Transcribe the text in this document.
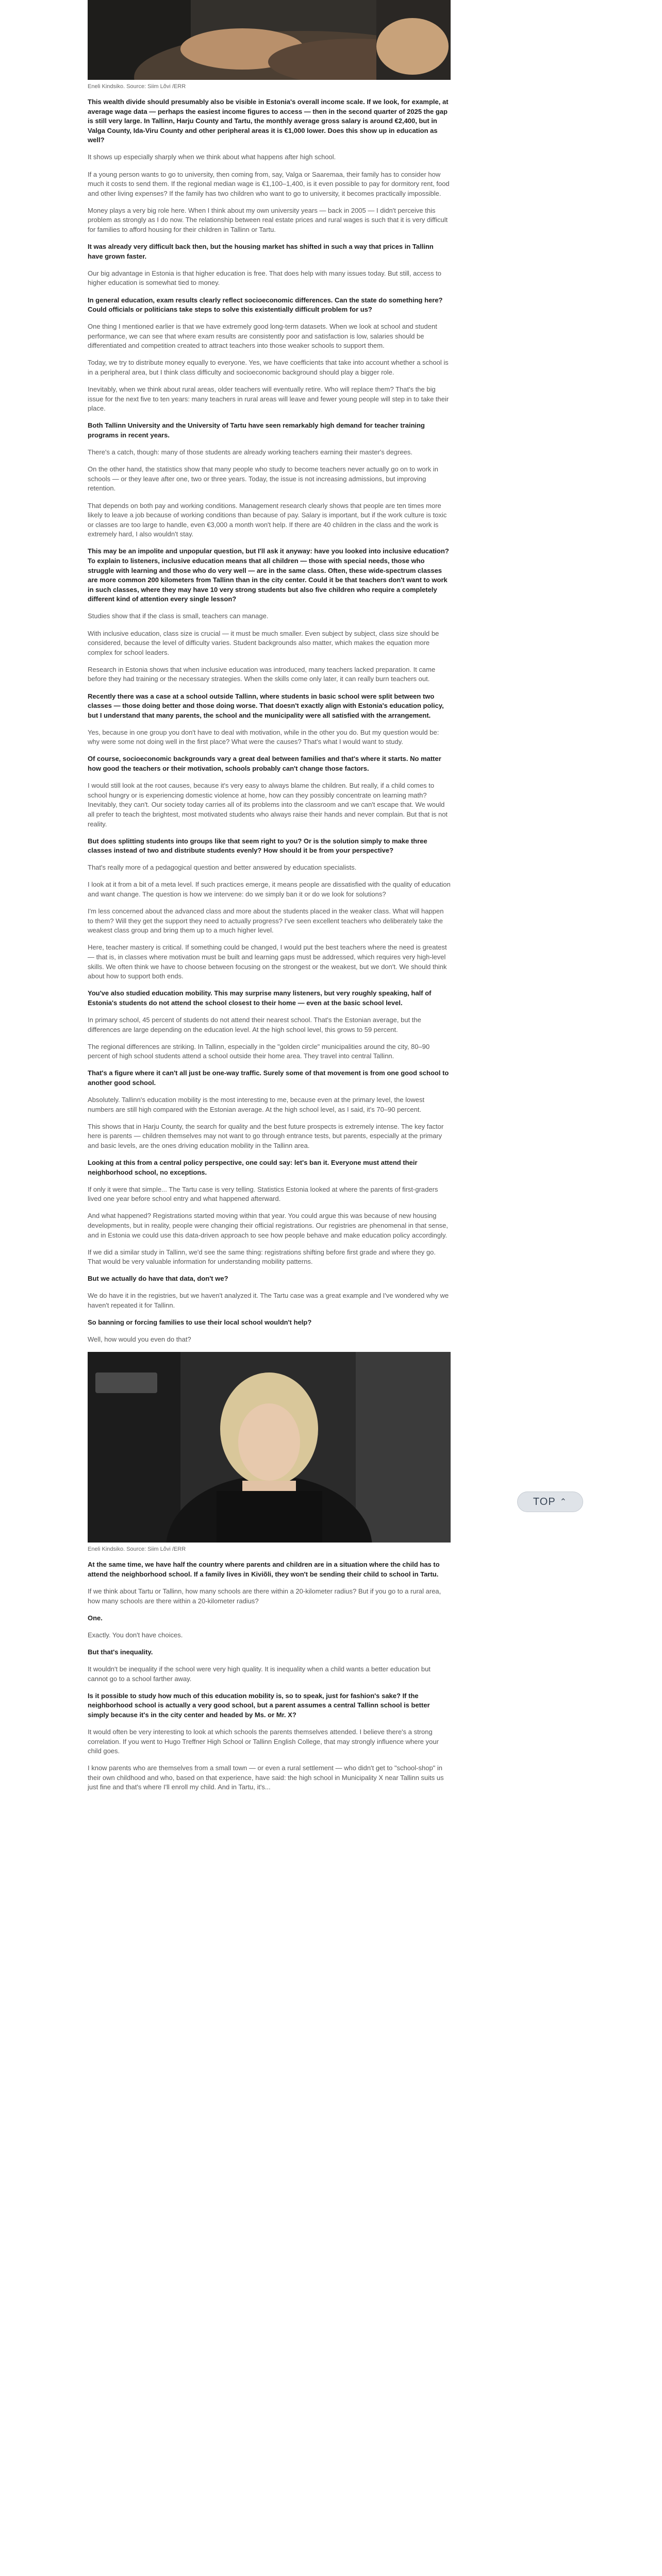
Eneli Kindsiko. Source: Siim Lõvi /ERR

This wealth divide should presumably also be visible in Estonia's overall income scale. If we look, for example, at average wage data — perhaps the easiest income figures to access — then in the second quarter of 2025 the gap is still very large. In Tallinn, Harju County and Tartu, the monthly average gross salary is around €2,400, but in Valga County, Ida-Viru County and other peripheral areas it is €1,000 lower. Does this show up in education as well?

It shows up especially sharply when we think about what happens after high school.

If a young person wants to go to university, then coming from, say, Valga or Saaremaa, their family has to consider how much it costs to send them. If the regional median wage is €1,100–1,400, is it even possible to pay for dormitory rent, food and other living expenses? If the family has two children who want to go to university, it becomes practically impossible.

Money plays a very big role here. When I think about my own university years — back in 2005 — I didn't perceive this problem as strongly as I do now. The relationship between real estate prices and rural wages is such that it is very difficult for families to afford housing for their children in Tallinn or Tartu.

It was already very difficult back then, but the housing market has shifted in such a way that prices in Tallinn have grown faster.

Our big advantage in Estonia is that higher education is free. That does help with many issues today. But still, access to higher education is somewhat tied to money.

In general education, exam results clearly reflect socioeconomic differences. Can the state do something here? Could officials or politicians take steps to solve this existentially difficult problem for us?

One thing I mentioned earlier is that we have extremely good long-term datasets. When we look at school and student performance, we can see that where exam results are consistently poor and satisfaction is low, salaries should be differentiated and competition created to attract teachers into those weaker schools to support them.

Today, we try to distribute money equally to everyone. Yes, we have coefficients that take into account whether a school is in a peripheral area, but I think class difficulty and socioeconomic background should play a bigger role.

Inevitably, when we think about rural areas, older teachers will eventually retire. Who will replace them? That's the big issue for the next five to ten years: many teachers in rural areas will leave and fewer young people will step in to take their place.

Both Tallinn University and the University of Tartu have seen remarkably high demand for teacher training programs in recent years.

There's a catch, though: many of those students are already working teachers earning their master's degrees.

On the other hand, the statistics show that many people who study to become teachers never actually go on to work in schools — or they leave after one, two or three years. Today, the issue is not increasing admissions, but improving retention.

That depends on both pay and working conditions. Management research clearly shows that people are ten times more likely to leave a job because of working conditions than because of pay. Salary is important, but if the work culture is toxic or classes are too large to handle, even €3,000 a month won't help. If there are 40 children in the class and the work is extremely hard, I also wouldn't stay.

This may be an impolite and unpopular question, but I'll ask it anyway: have you looked into inclusive education? To explain to listeners, inclusive education means that all children — those with special needs, those who struggle with learning and those who do very well — are in the same class. Often, these wide-spectrum classes are more common 200 kilometers from Tallinn than in the city center. Could it be that teachers don't want to work in such classes, where they may have 10 very strong students but also five children who require a completely different kind of attention every single lesson?

Studies show that if the class is small, teachers can manage.

With inclusive education, class size is crucial — it must be much smaller. Even subject by subject, class size should be considered, because the level of difficulty varies. Student backgrounds also matter, which makes the equation more complex for school leaders.

Research in Estonia shows that when inclusive education was introduced, many teachers lacked preparation. It came before they had training or the necessary strategies. When the skills come only later, it can really burn teachers out.

Recently there was a case at a school outside Tallinn, where students in basic school were split between two classes — those doing better and those doing worse. That doesn't exactly align with Estonia's education policy, but I understand that many parents, the school and the municipality were all satisfied with the arrangement.

Yes, because in one group you don't have to deal with motivation, while in the other you do. But my question would be: why were some not doing well in the first place? What were the causes? That's what I would want to study.

Of course, socioeconomic backgrounds vary a great deal between families and that's where it starts. No matter how good the teachers or their motivation, schools probably can't change those factors.

I would still look at the root causes, because it's very easy to always blame the children. But really, if a child comes to school hungry or is experiencing domestic violence at home, how can they possibly concentrate on learning math? Inevitably, they can't. Our society today carries all of its problems into the classroom and we can't escape that. We would all prefer to teach the brightest, most motivated students who always raise their hands and never complain. But that is not reality.

But does splitting students into groups like that seem right to you? Or is the solution simply to make three classes instead of two and distribute students evenly? How should it be from your perspective?

That's really more of a pedagogical question and better answered by education specialists.

I look at it from a bit of a meta level. If such practices emerge, it means people are dissatisfied with the quality of education and want change. The question is how we intervene: do we simply ban it or do we look for solutions?

I'm less concerned about the advanced class and more about the students placed in the weaker class. What will happen to them? Will they get the support they need to actually progress? I've seen excellent teachers who deliberately take the weakest class group and bring them up to a much higher level.

Here, teacher mastery is critical. If something could be changed, I would put the best teachers where the need is greatest — that is, in classes where motivation must be built and learning gaps must be addressed, which requires very high-level skills. We often think we have to choose between focusing on the strongest or the weakest, but we don't. We should think about how to support both ends.

You've also studied education mobility. This may surprise many listeners, but very roughly speaking, half of Estonia's students do not attend the school closest to their home — even at the basic school level.

In primary school, 45 percent of students do not attend their nearest school. That's the Estonian average, but the differences are large depending on the education level. At the high school level, this grows to 59 percent.

The regional differences are striking. In Tallinn, especially in the "golden circle" municipalities around the city, 80–90 percent of high school students attend a school outside their home area. They travel into central Tallinn.

That's a figure where it can't all just be one-way traffic. Surely some of that movement is from one good school to another good school.

Absolutely. Tallinn's education mobility is the most interesting to me, because even at the primary level, the lowest numbers are still high compared with the Estonian average. At the high school level, as I said, it's 70–90 percent.

This shows that in Harju County, the search for quality and the best future prospects is extremely intense. The key factor here is parents — children themselves may not want to go through entrance tests, but parents, especially at the primary and basic levels, are the ones driving education mobility in the Tallinn area.

Looking at this from a central policy perspective, one could say: let's ban it. Everyone must attend their neighborhood school, no exceptions.

If only it were that simple... The Tartu case is very telling. Statistics Estonia looked at where the parents of first-graders lived one year before school entry and what happened afterward.

And what happened? Registrations started moving within that year. You could argue this was because of new housing developments, but in reality, people were changing their official registrations. Our registries are phenomenal in that sense, and in Estonia we could use this data-driven approach to see how people behave and make education policy accordingly.

If we did a similar study in Tallinn, we'd see the same thing: registrations shifting before first grade and where they go. That would be very valuable information for understanding mobility patterns.

But we actually do have that data, don't we?

We do have it in the registries, but we haven't analyzed it. The Tartu case was a great example and I've wondered why we haven't repeated it for Tallinn.

So banning or forcing families to use their local school wouldn't help?

Well, how would you even do that?

Eneli Kindsiko. Source: Siim Lõvi /ERR

At the same time, we have half the country where parents and children are in a situation where the child has to attend the neighborhood school. If a family lives in Kiviõli, they won't be sending their child to school in Tartu.

If we think about Tartu or Tallinn, how many schools are there within a 20-kilometer radius? But if you go to a rural area, how many schools are there within a 20-kilometer radius?

One.

Exactly. You don't have choices.

But that's inequality.

It wouldn't be inequality if the school were very high quality. It is inequality when a child wants a better education but cannot go to a school farther away.

Is it possible to study how much of this education mobility is, so to speak, just for fashion's sake? If the neighborhood school is actually a very good school, but a parent assumes a central Tallinn school is better simply because it's in the city center and headed by Ms. or Mr. X?

It would often be very interesting to look at which schools the parents themselves attended. I believe there's a strong correlation. If you went to Hugo Treffner High School or Tallinn English College, that may strongly influence where your child goes.

I know parents who are themselves from a small town — or even a rural settlement — who didn't get to "school-shop" in their own childhood and who, based on that experience, have said: the high school in Municipality X near Tallinn suits us just fine and that's where I'll enroll my child. And in Tartu, it's...

TOP ⌃
